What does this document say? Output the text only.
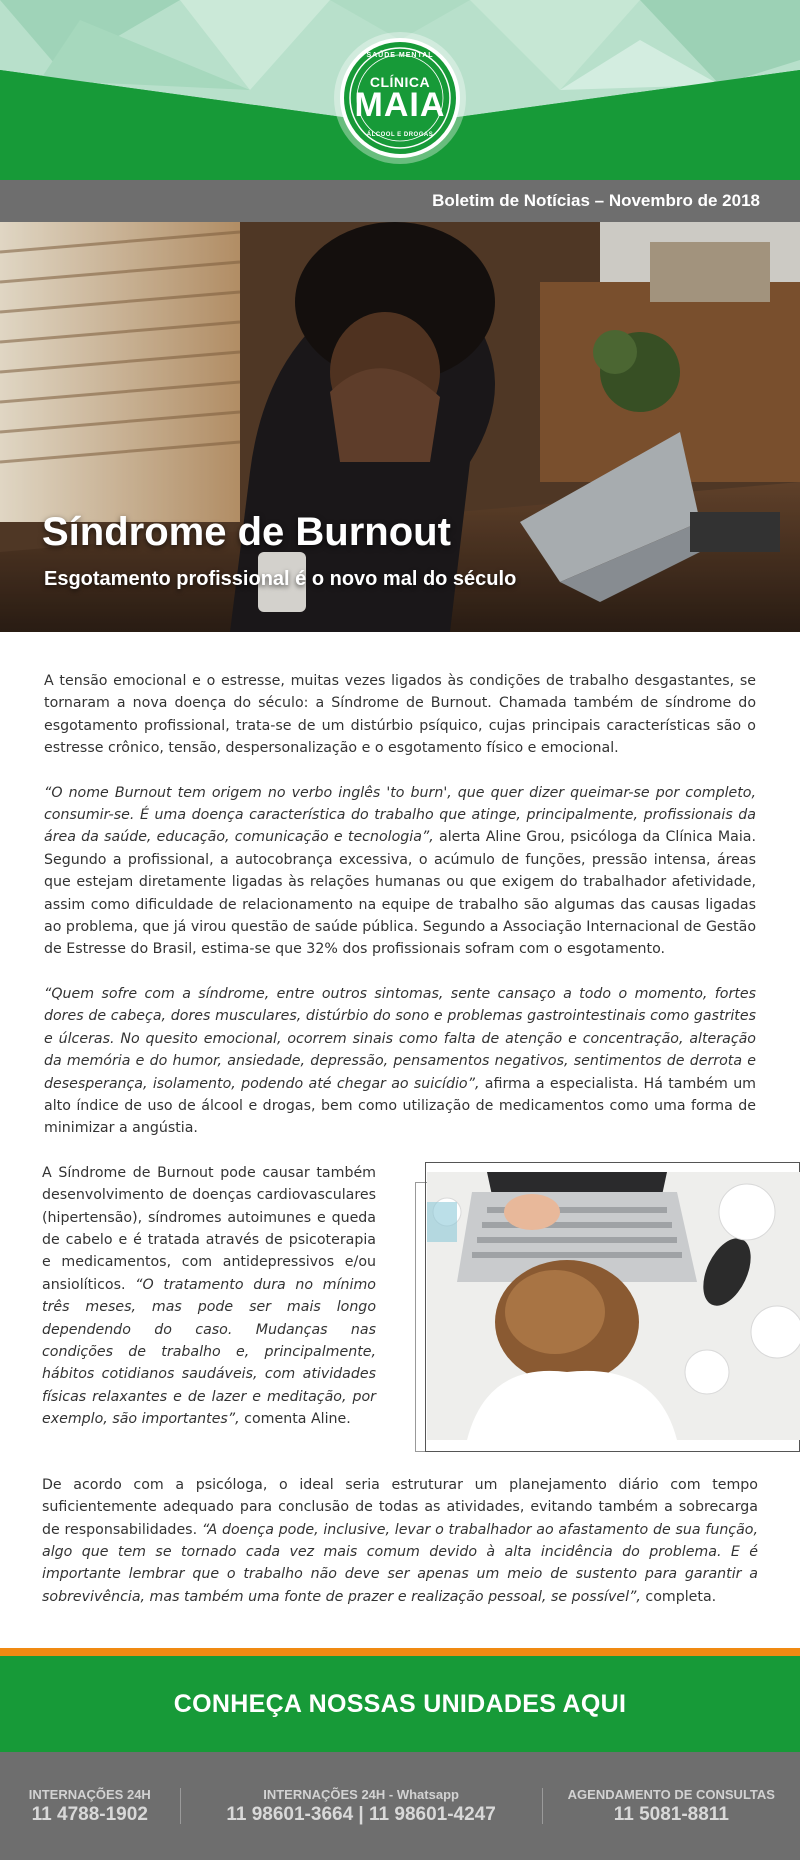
CLÍNICA
MAIA
SAÚDE MENTAL
ÁLCOOL E DROGAS
Boletim de Notícias – Novembro de 2018
Síndrome de Burnout
Esgotamento profissional é o novo mal do século

A tensão emocional e o estresse, muitas vezes ligados às condições de trabalho desgastantes, se tornaram a nova doença do século: a Síndrome de Burnout. Chamada também de síndrome do esgotamento profissional, trata-se de um distúrbio psíquico, cujas principais características são o estresse crônico, tensão, despersonalização e o esgotamento físico e emocional.

“O nome Burnout tem origem no verbo inglês 'to burn', que quer dizer queimar-se por completo, consumir-se. É uma doença característica do trabalho que atinge, principalmente, profissionais da área da saúde, educação, comunicação e tecnologia”, alerta Aline Grou, psicóloga da Clínica Maia. Segundo a profissional, a autocobrança excessiva, o acúmulo de funções, pressão intensa, áreas que estejam diretamente ligadas às relações humanas ou que exigem do trabalhador afetividade, assim como dificuldade de relacionamento na equipe de trabalho são algumas das causas ligadas ao problema, que já virou questão de saúde pública. Segundo a Associação Internacional de Gestão de Estresse do Brasil, estima-se que 32% dos profissionais sofram com o esgotamento.

“Quem sofre com a síndrome, entre outros sintomas, sente cansaço a todo o momento, fortes dores de cabeça, dores musculares, distúrbio do sono e problemas gastrointestinais como gastrites e úlceras. No quesito emocional, ocorrem sinais como falta de atenção e concentração, alteração da memória e do humor, ansiedade, depressão, pensamentos negativos, sentimentos de derrota e desesperança, isolamento, podendo até chegar ao suicídio”, afirma a especialista. Há também um alto índice de uso de álcool e drogas, bem como utilização de medicamentos como uma forma de minimizar a angústia.

A Síndrome de Burnout pode causar também desenvolvimento de doenças cardiovasculares (hipertensão), síndromes autoimunes e queda de cabelo e é tratada através de psicoterapia e medicamentos, com antidepressivos e/ou ansiolíticos. “O tratamento dura no mínimo três meses, mas pode ser mais longo dependendo do caso. Mudanças nas condições de trabalho e, principalmente, hábitos cotidianos saudáveis, com atividades físicas relaxantes e de lazer e meditação, por exemplo, são importantes”, comenta Aline.

De acordo com a psicóloga, o ideal seria estruturar um planejamento diário com tempo suficientemente adequado para conclusão de todas as atividades, evitando também a sobrecarga de responsabilidades. “A doença pode, inclusive, levar o trabalhador ao afastamento de sua função, algo que tem se tornado cada vez mais comum devido à alta incidência do problema. E é importante lembrar que o trabalho não deve ser apenas um meio de sustento para garantir a sobrevivência, mas também uma fonte de prazer e realização pessoal, se possível”, completa.

CONHEÇA NOSSAS UNIDADES AQUI
INTERNAÇÕES 24H
11 4788-1902
INTERNAÇÕES 24H - Whatsapp
11 98601-3664 | 11 98601-4247
AGENDAMENTO DE CONSULTAS
11 5081-8811
